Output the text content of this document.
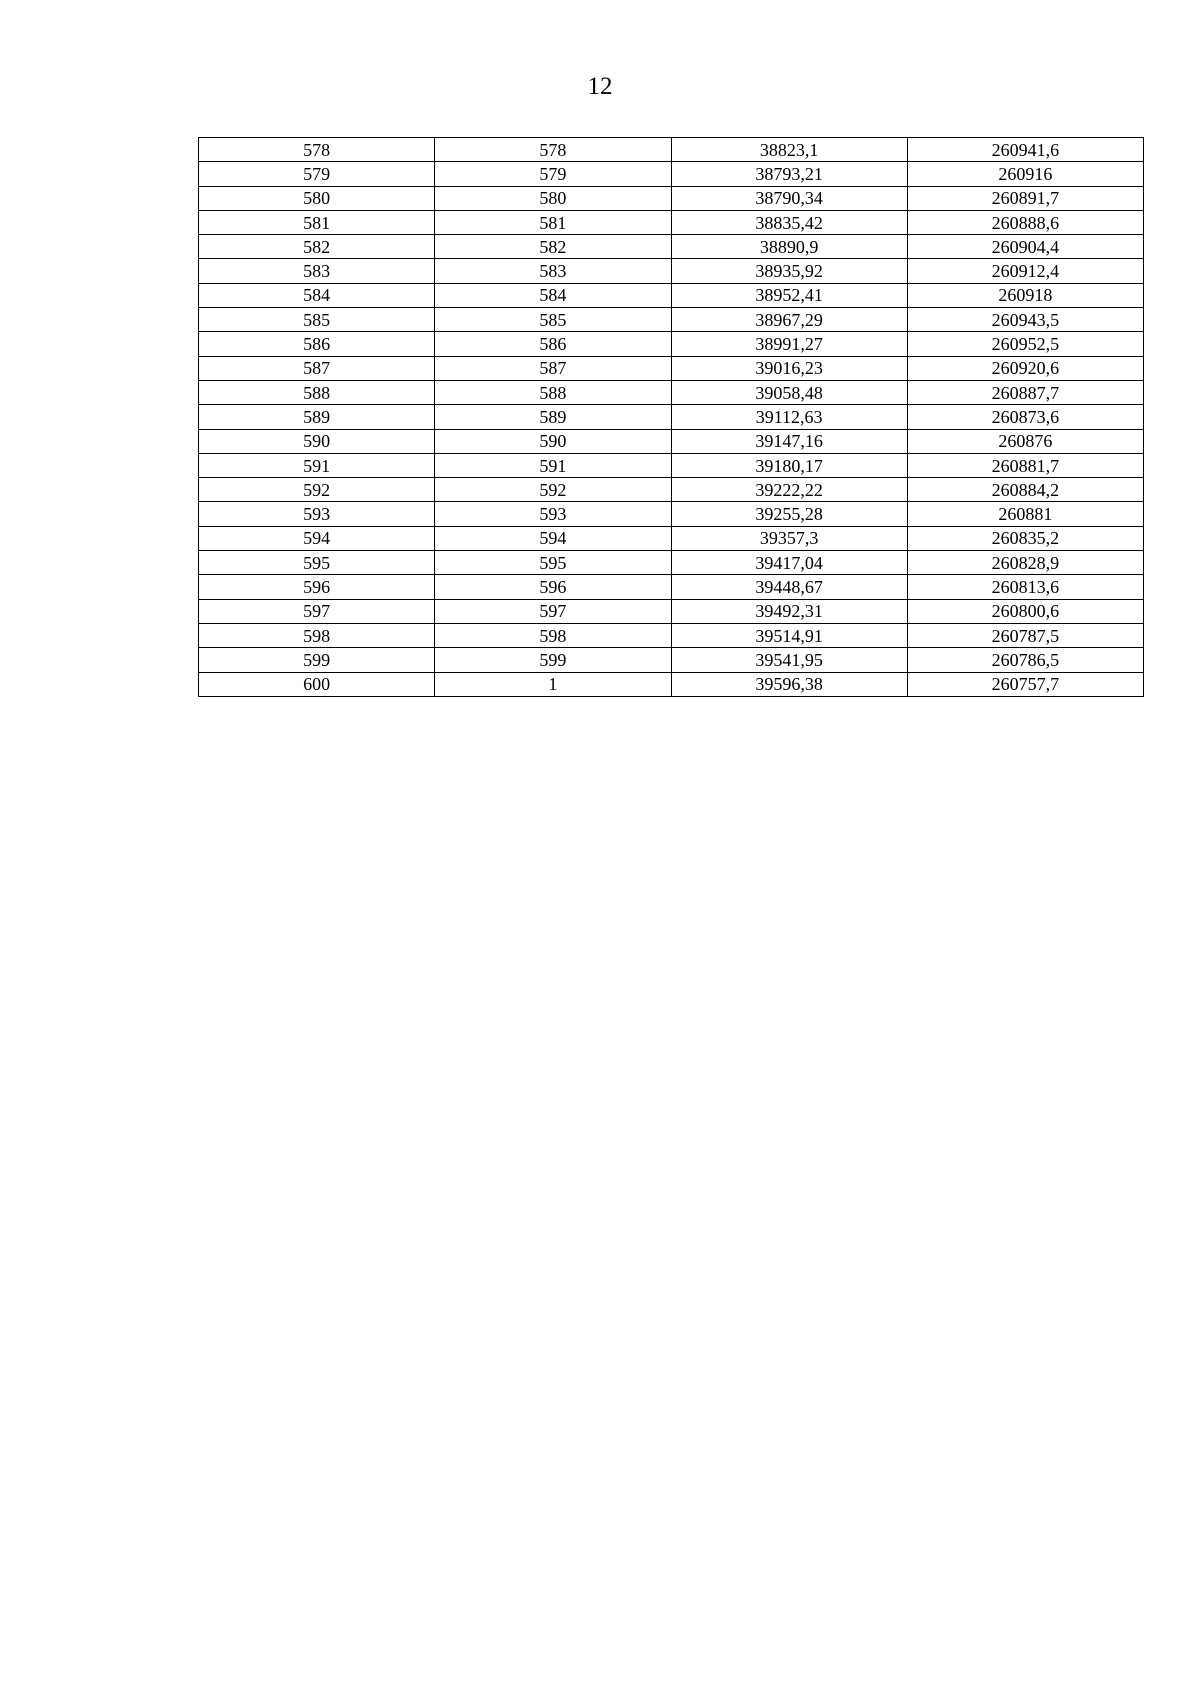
12
578	578	38823,1	260941,6
579	579	38793,21	260916
580	580	38790,34	260891,7
581	581	38835,42	260888,6
582	582	38890,9	260904,4
583	583	38935,92	260912,4
584	584	38952,41	260918
585	585	38967,29	260943,5
586	586	38991,27	260952,5
587	587	39016,23	260920,6
588	588	39058,48	260887,7
589	589	39112,63	260873,6
590	590	39147,16	260876
591	591	39180,17	260881,7
592	592	39222,22	260884,2
593	593	39255,28	260881
594	594	39357,3	260835,2
595	595	39417,04	260828,9
596	596	39448,67	260813,6
597	597	39492,31	260800,6
598	598	39514,91	260787,5
599	599	39541,95	260786,5
600	1	39596,38	260757,7
